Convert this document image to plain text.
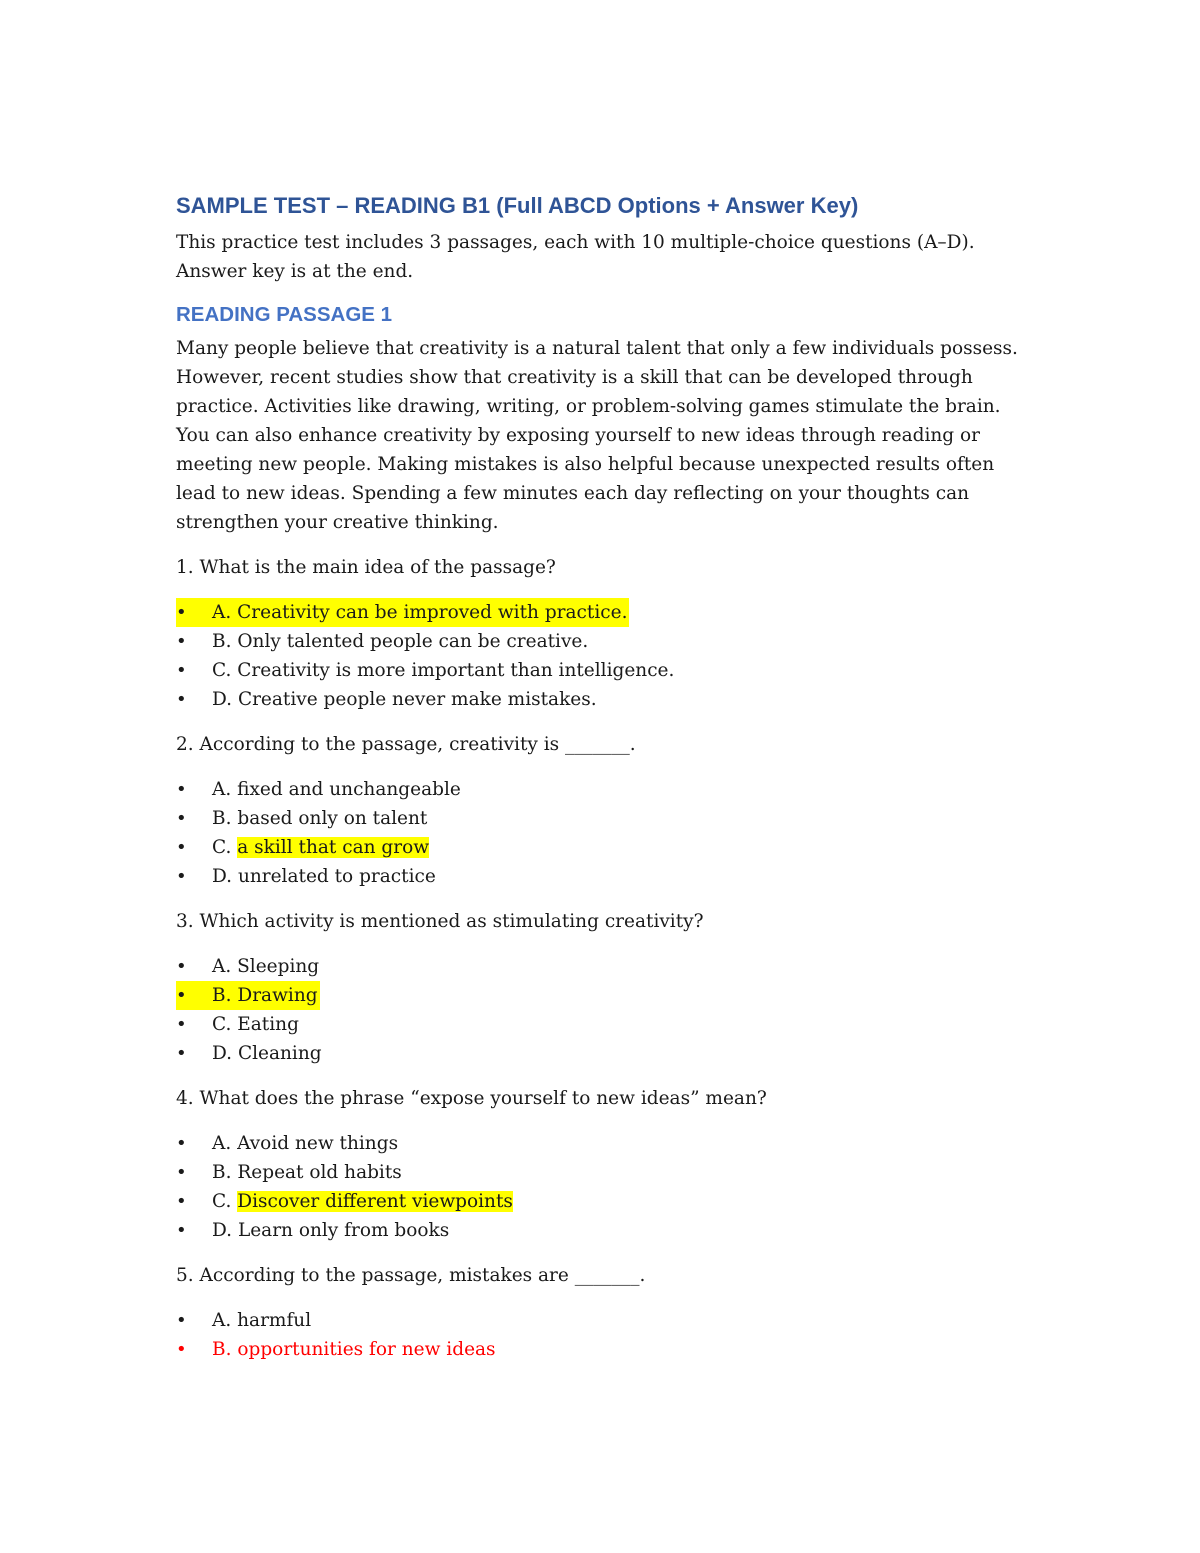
SAMPLE TEST – READING B1 (Full ABCD Options + Answer Key)
This practice test includes 3 passages, each with 10 multiple-choice questions (A–D).
Answer key is at the end.
READING PASSAGE 1
Many people believe that creativity is a natural talent that only a few individuals possess. However, recent studies show that creativity is a skill that can be developed through practice. Activities like drawing, writing, or problem-solving games stimulate the brain. You can also enhance creativity by exposing yourself to new ideas through reading or meeting new people. Making mistakes is also helpful because unexpected results often lead to new ideas. Spending a few minutes each day reflecting on your thoughts can strengthen your creative thinking.
1. What is the main idea of the passage?
•
A. Creativity can be improved with practice.
•
B. Only talented people can be creative.
•
C. Creativity is more important than intelligence.
•
D. Creative people never make mistakes.
2. According to the passage, creativity is _______.
•
A. fixed and unchangeable
•
B. based only on talent
•
C. a skill that can grow
•
D. unrelated to practice
3. Which activity is mentioned as stimulating creativity?
•
A. Sleeping
•
B. Drawing
•
C. Eating
•
D. Cleaning
4. What does the phrase “expose yourself to new ideas” mean?
•
A. Avoid new things
•
B. Repeat old habits
•
C. Discover different viewpoints
•
D. Learn only from books
5. According to the passage, mistakes are _______.
•
A. harmful
•
B. opportunities for new ideas
